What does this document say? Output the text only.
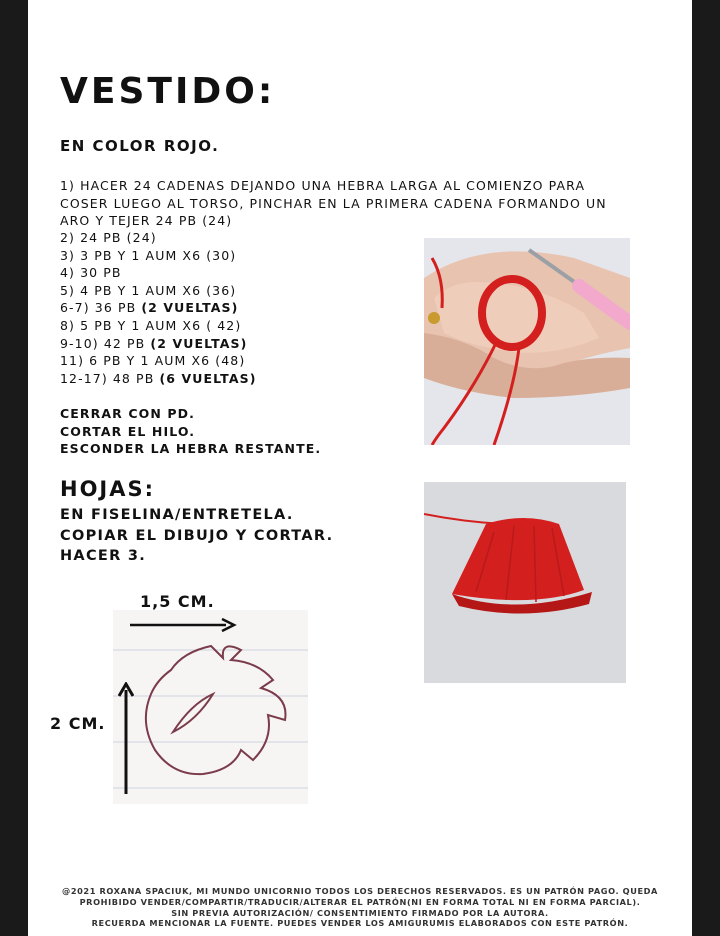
VESTIDO:

EN COLOR ROJO.

1) HACER 24 CADENAS DEJANDO UNA HEBRA LARGA AL COMIENZO PARA COSER LUEGO AL TORSO, PINCHAR EN LA PRIMERA CADENA FORMANDO UN ARO Y TEJER 24 PB (24)

2) 24 PB (24)
3) 3 PB Y 1 AUM X6 (30)
4) 30 PB
5) 4 PB Y 1 AUM X6 (36)
6-7) 36 PB (2 VUELTAS)
8) 5 PB Y 1 AUM X6 ( 42)
9-10) 42 PB (2 VUELTAS)
11) 6 PB Y 1 AUM X6 (48)
12-17) 48 PB (6 VUELTAS)
CERRAR CON PD.
CORTAR EL HILO.
ESCONDER LA HEBRA RESTANTE.
HOJAS:
EN FISELINA/ENTRETELA.
COPIAR EL DIBUJO Y CORTAR.
HACER 3.

1,5 CM.

2 CM.

@2021 ROXANA SPACIUK, MI MUNDO UNICORNIO TODOS LOS DERECHOS RESERVADOS. ES UN PATRÓN PAGO. QUEDA
PROHIBIDO VENDER/COMPARTIR/TRADUCIR/ALTERAR EL PATRÓN(NI EN FORMA TOTAL NI EN FORMA PARCIAL).
SIN PREVIA AUTORIZACIÓN/ CONSENTIMIENTO FIRMADO POR LA AUTORA.
RECUERDA MENCIONAR LA FUENTE. PUEDES VENDER LOS AMIGURUMIS ELABORADOS CON ESTE PATRÓN.
